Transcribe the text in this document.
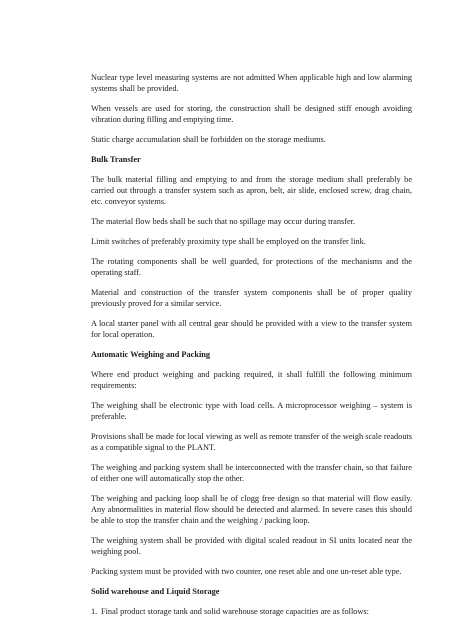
Nuclear type level measuring systems are not admitted When applicable high and low alarming systems shall be provided.

When vessels are used for storing, the construction shall be designed stiff enough avoiding vibration during filling and emptying time.

Static charge accumulation shall be forbidden on the storage mediums.

Bulk Transfer

The bulk material filling and emptying to and from the storage medium shall preferably be carried out through a transfer system such as apron, belt, air slide, enclosed screw, drag chain, etc. conveyor systems.

The material flow beds shall be such that no spillage may occur during transfer.

Limit switches of preferably proximity type shall be employed on the transfer link.

The rotating components shall be well guarded, for protections of the mechanisms and the operating staff.

Material and construction of the transfer system components shall be of proper quality previously proved for a similar service.

A local starter panel with all central gear should be provided with a view to the transfer system for local operation.

Automatic Weighing and Packing

Where end product weighing and packing required, it shall fulfill the following minimum requirements:

The weighing shall be electronic type with load cells. A microprocessor weighing – system is preferable.

Provisions shall be made for local viewing as well as remote transfer of the weigh scale readouts as a compatible signal to the PLANT.

The weighing and packing system shall be interconnected with the transfer chain, so that failure of either one will automatically stop the other.

The weighing and packing loop shall be of clogg free design so that material will flow easily. Any abnormalities in material flow should be detected and alarmed. In severe cases this should be able to stop the transfer chain and the weighing / packing loop.

The weighing system shall be provided with digital scaled readout in SI units located near the weighing pool.

Packing system must be provided with two counter, one reset able and one un-reset able type.

Solid warehouse and Liquid Storage
1. Final product storage tank and solid warehouse storage capacities are as follows:
